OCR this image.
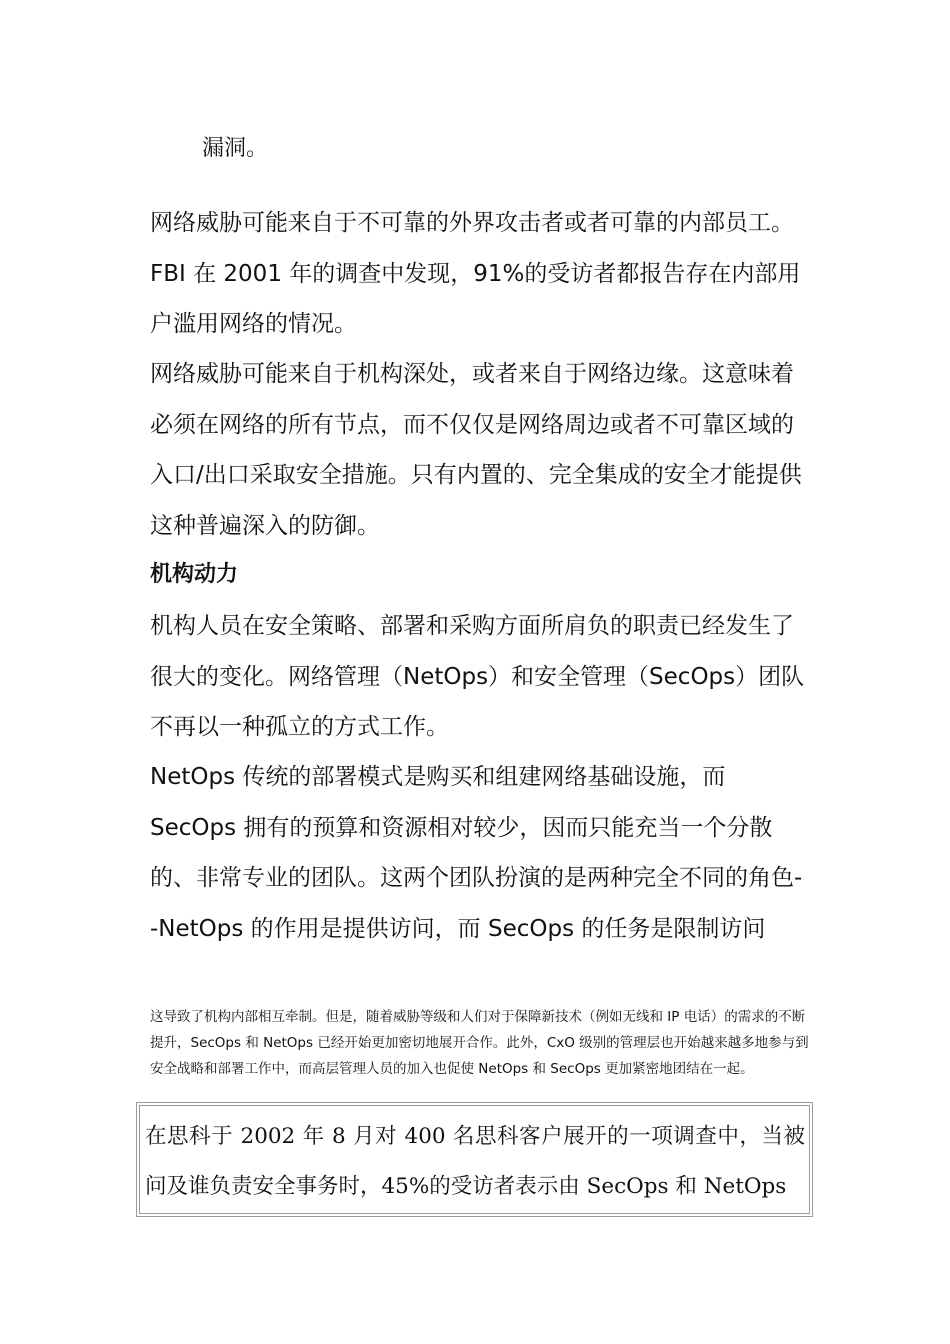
漏洞。

网络威胁可能来自于不可靠的外界攻击者或者可靠的内部员工。FBI 在 2001 年的调查中发现，91%的受访者都报告存在内部用户滥用网络的情况。

网络威胁可能来自于机构深处，或者来自于网络边缘。这意味着必须在网络的所有节点，而不仅仅是网络周边或者不可靠区域的入口/出口采取安全措施。只有内置的、完全集成的安全才能提供这种普遍深入的防御。

机构动力

机构人员在安全策略、部署和采购方面所肩负的职责已经发生了很大的变化。网络管理（NetOps）和安全管理（SecOps）团队不再以一种孤立的方式工作。

NetOps 传统的部署模式是购买和组建网络基础设施，而 SecOps 拥有的预算和资源相对较少，因而只能充当一个分散的、非常专业的团队。这两个团队扮演的是两种完全不同的角色--NetOps 的作用是提供访问，而 SecOps 的任务是限制访问

这导致了机构内部相互牵制。但是，随着威胁等级和人们对于保障新技术（例如无线和 IP 电话）的需求的不断提升，SecOps 和 NetOps 已经开始更加密切地展开合作。此外，CxO 级别的管理层也开始越来越多地参与到安全战略和部署工作中，而高层管理人员的加入也促使 NetOps 和 SecOps 更加紧密地团结在一起。

在思科于 2002 年 8 月对 400 名思科客户展开的一项调查中，当被问及谁负责安全事务时，45%的受访者表示由 SecOps 和 NetOps
